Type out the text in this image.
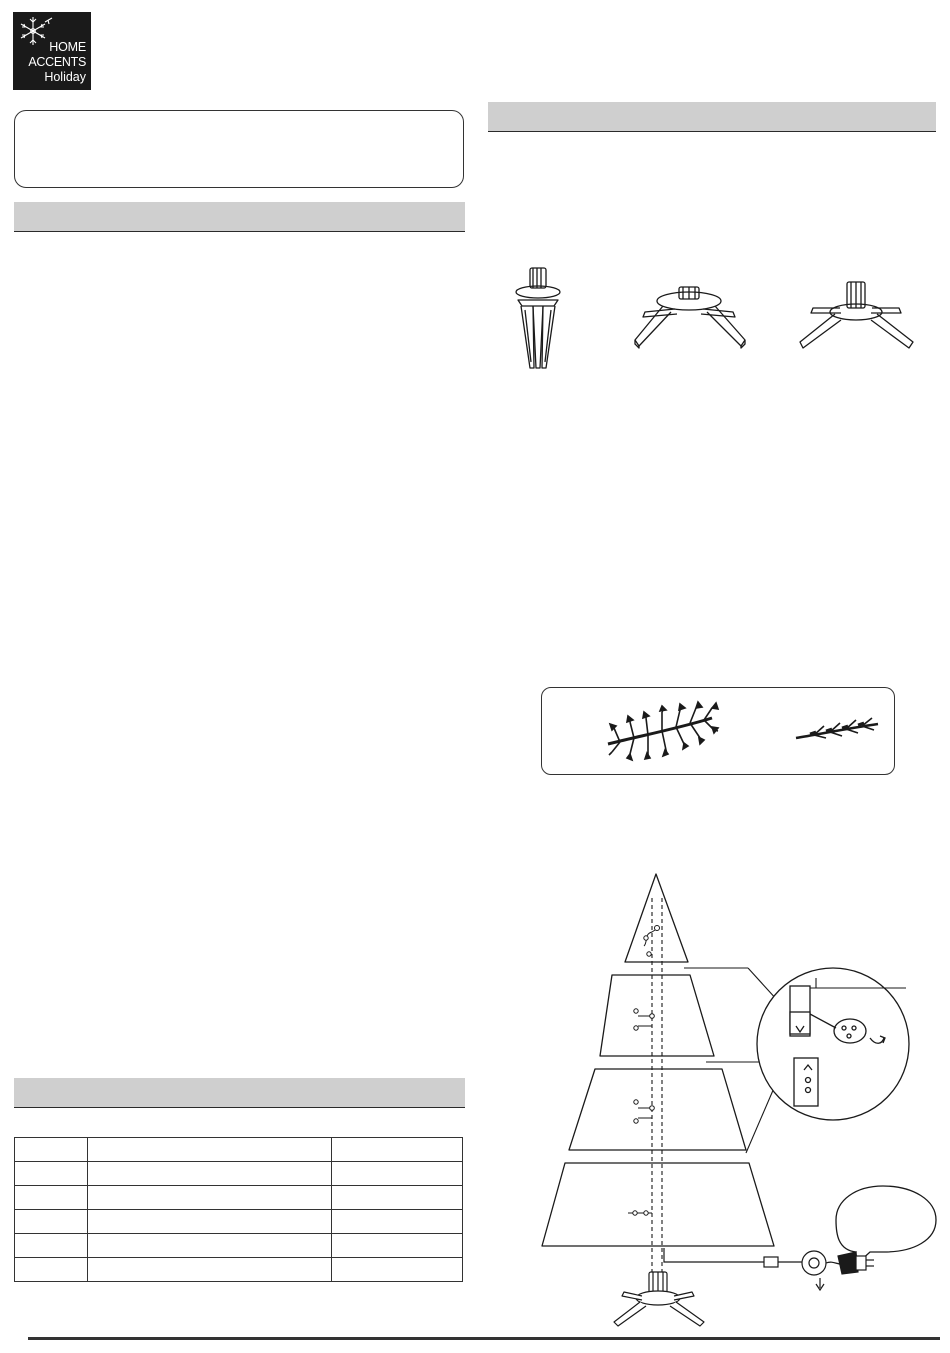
HOME
ACCENTS
Holiday
